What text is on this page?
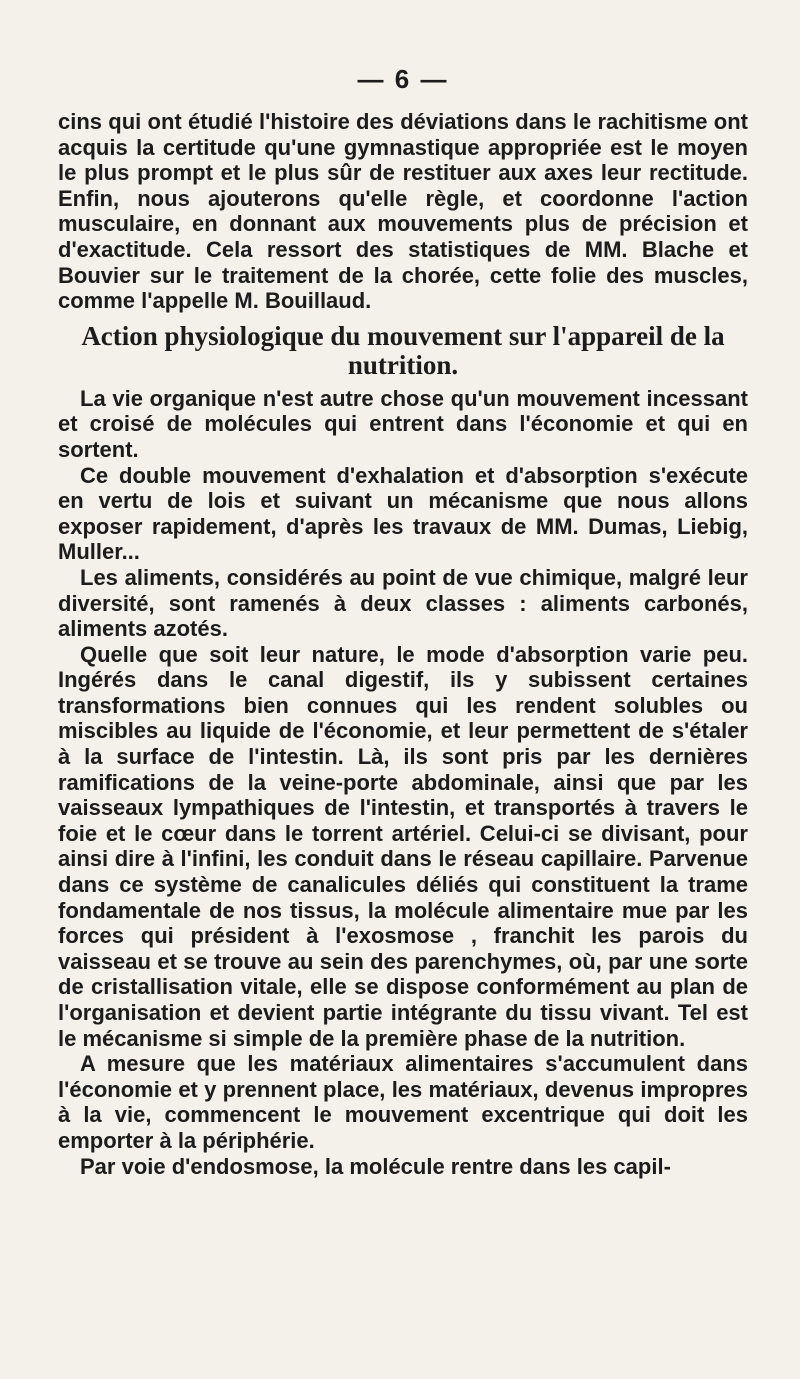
— 6 —

cins qui ont étudié l'histoire des déviations dans le rachitisme ont acquis la certitude qu'une gymnastique appropriée est le moyen le plus prompt et le plus sûr de restituer aux axes leur rectitude. Enfin, nous ajouterons qu'elle règle, et coordonne l'action musculaire, en donnant aux mouvements plus de précision et d'exactitude. Cela ressort des statistiques de MM. Blache et Bouvier sur le traitement de la chorée, cette folie des muscles, comme l'appelle M. Bouillaud.

Action physiologique du mouvement sur l'appareil de la nutrition.

La vie organique n'est autre chose qu'un mouvement incessant et croisé de molécules qui entrent dans l'économie et qui en sortent.

Ce double mouvement d'exhalation et d'absorption s'exécute en vertu de lois et suivant un mécanisme que nous allons exposer rapidement, d'après les travaux de MM. Dumas, Liebig, Muller...

Les aliments, considérés au point de vue chimique, malgré leur diversité, sont ramenés à deux classes : aliments carbonés, aliments azotés.

Quelle que soit leur nature, le mode d'absorption varie peu. Ingérés dans le canal digestif, ils y subissent certaines transformations bien connues qui les rendent solubles ou miscibles au liquide de l'économie, et leur permettent de s'étaler à la surface de l'intestin. Là, ils sont pris par les dernières ramifications de la veine-porte abdominale, ainsi que par les vaisseaux lympathiques de l'intestin, et transportés à travers le foie et le cœur dans le torrent artériel. Celui-ci se divisant, pour ainsi dire à l'infini, les conduit dans le réseau capillaire. Parvenue dans ce système de canalicules déliés qui constituent la trame fondamentale de nos tissus, la molécule alimentaire mue par les forces qui président à l'exosmose , franchit les parois du vaisseau et se trouve au sein des parenchymes, où, par une sorte de cristallisation vitale, elle se dispose conformément au plan de l'organisation et devient partie intégrante du tissu vivant. Tel est le mécanisme si simple de la première phase de la nutrition.

A mesure que les matériaux alimentaires s'accumulent dans l'économie et y prennent place, les matériaux, devenus impropres à la vie, commencent le mouvement excentrique qui doit les emporter à la périphérie.

Par voie d'endosmose, la molécule rentre dans les capil-
